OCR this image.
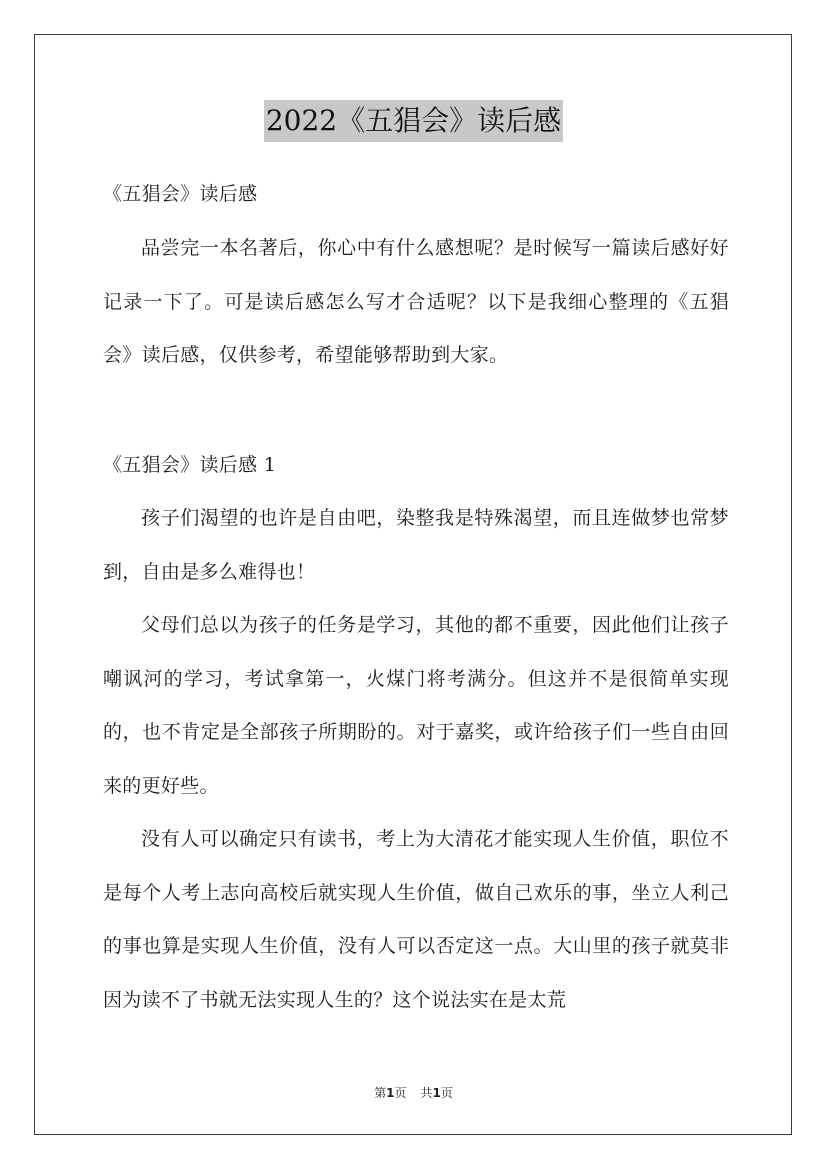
2022《五猖会》读后感
《五猖会》读后感

品尝完一本名著后，你心中有什么感想呢？是时候写一篇读后感好好记录一下了。可是读后感怎么写才合适呢？以下是我细心整理的《五猖会》读后感，仅供参考，希望能够帮助到大家。

《五猖会》读后感 1

孩子们渴望的也许是自由吧，染整我是特殊渴望，而且连做梦也常梦到，自由是多么难得也！

父母们总以为孩子的任务是学习，其他的都不重要，因此他们让孩子嘲讽河的学习，考试拿第一，火煤门将考满分。但这并不是很简单实现的，也不肯定是全部孩子所期盼的。对于嘉奖，或许给孩子们一些自由回来的更好些。

没有人可以确定只有读书，考上为大清花才能实现人生价值，职位不是每个人考上志向高校后就实现人生价值，做自己欢乐的事，坐立人利己的事也算是实现人生价值，没有人可以否定这一点。大山里的孩子就莫非因为读不了书就无法实现人生的？这个说法实在是太荒

第1页 共1页
